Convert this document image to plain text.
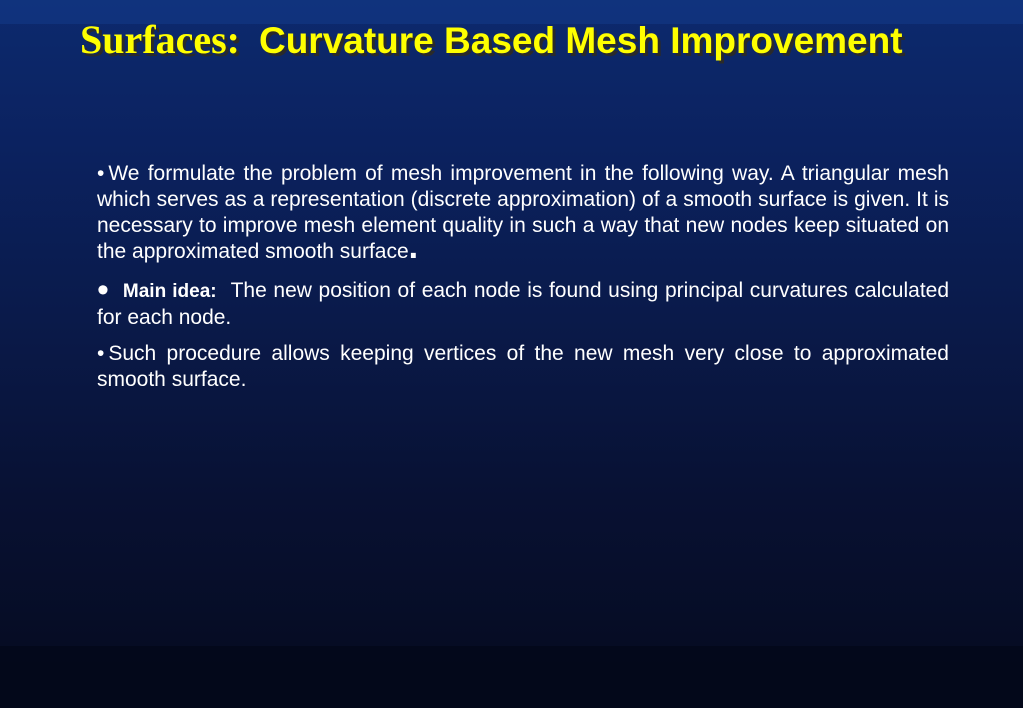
Surfaces: Curvature Based Mesh Improvement

• We formulate the problem of mesh improvement in the following way. A triangular mesh which serves as a representation (discrete approximation) of a smooth surface is given. It is necessary to improve mesh element quality in such a way that new nodes keep situated on the approximated smooth surface.

• Main idea: The new position of each node is found using principal curvatures calculated for each node.

• Such procedure allows keeping vertices of the new mesh very close to approximated smooth surface.
